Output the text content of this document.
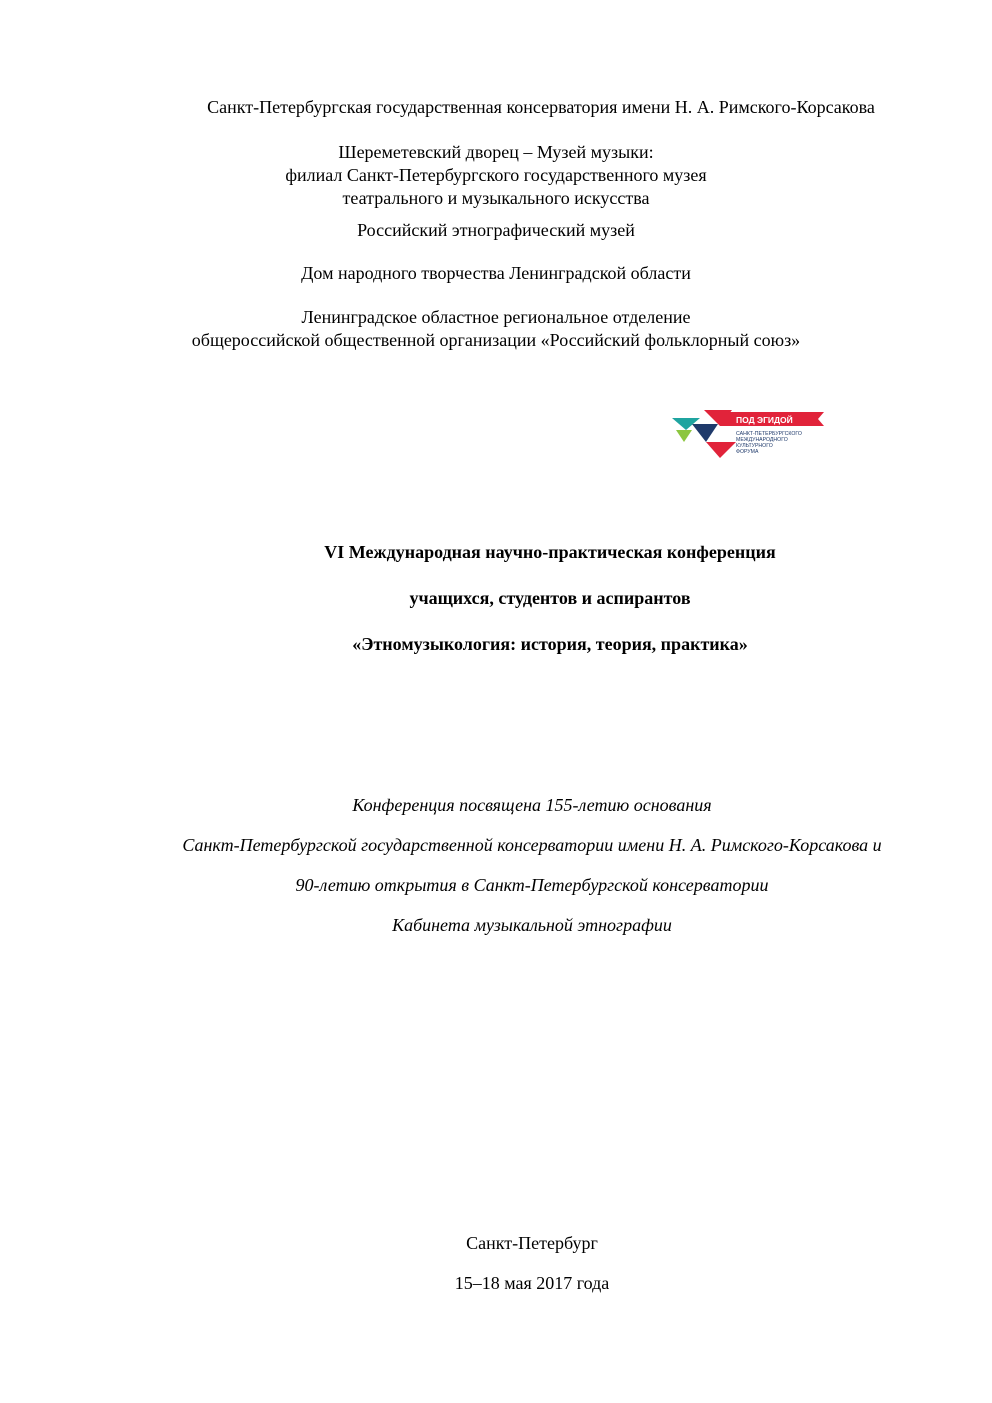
Санкт-Петербургская государственная консерватория имени Н. А. Римского-Корсакова
Шереметевский дворец – Музей музыки:
филиал Санкт-Петербургского государственного музея
театрального и музыкального искусства
Российский этнографический музей
Дом народного творчества Ленинградской области
Ленинградское областное региональное отделение
общероссийской общественной организации «Российский фольклорный союз»
ПОД ЭГИДОЙ
САНКТ-ПЕТЕРБУРГСКОГО
МЕЖДУНАРОДНОГО
КУЛЬТУРНОГО
ФОРУМА
VI Международная научно-практическая конференция
учащихся, студентов и аспирантов
«Этномузыкология: история, теория, практика»
Конференция посвящена 155-летию основания
Санкт-Петербургской государственной консерватории имени Н. А. Римского-Корсакова и
90-летию открытия в Санкт-Петербургской консерватории
Кабинета музыкальной этнографии
Санкт-Петербург
15–18 мая 2017 года
